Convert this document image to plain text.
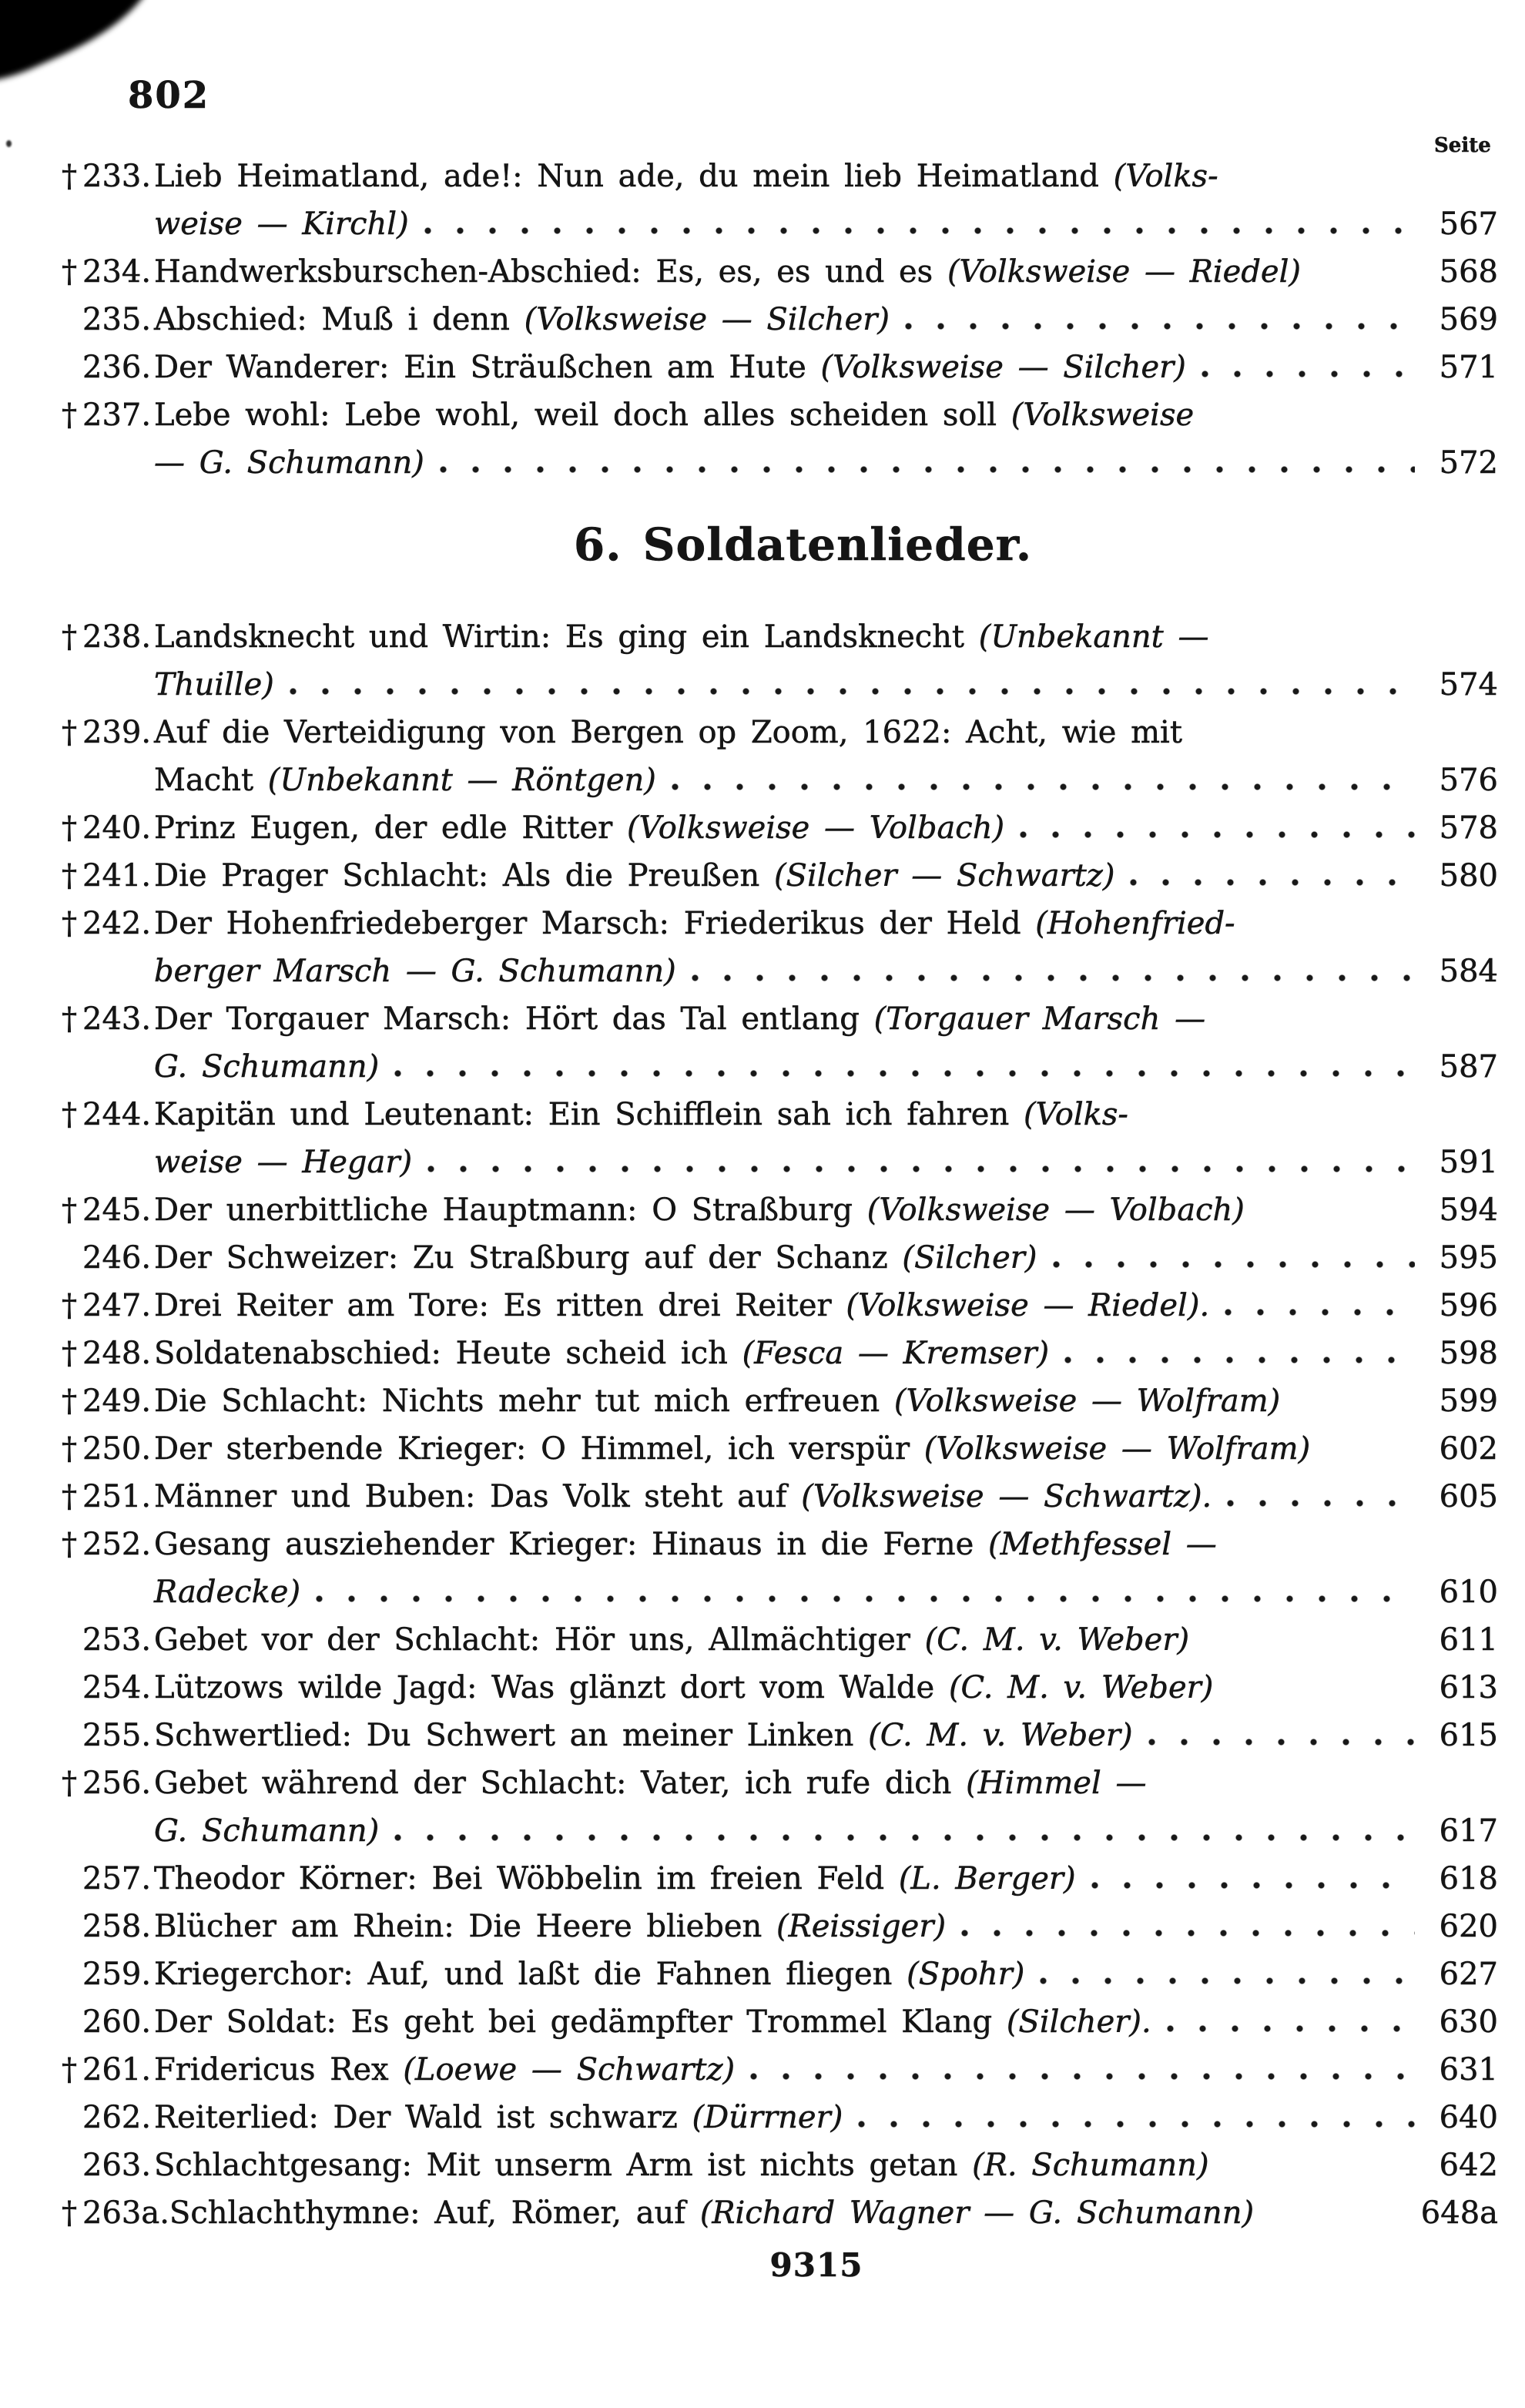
802
Seite
† 233. Lieb Heimatland, ade!: Nun ade, du mein lieb Heimatland (Volks-
weise — Kirchl)	567
† 234. Handwerksburschen-Abschied: Es, es, es und es (Volksweise — Riedel)	568
235. Abschied: Muß i denn (Volksweise — Silcher)	569
236. Der Wanderer: Ein Sträußchen am Hute (Volksweise — Silcher)	571
† 237. Lebe wohl: Lebe wohl, weil doch alles scheiden soll (Volksweise
— G. Schumann)	572
6. Soldatenlieder.
† 238. Landsknecht und Wirtin: Es ging ein Landsknecht (Unbekannt —
Thuille)	574
† 239. Auf die Verteidigung von Bergen op Zoom, 1622: Acht, wie mit
Macht (Unbekannt — Röntgen)	576
† 240. Prinz Eugen, der edle Ritter (Volksweise — Volbach)	578
† 241. Die Prager Schlacht: Als die Preußen (Silcher — Schwartz)	580
† 242. Der Hohenfriedeberger Marsch: Friederikus der Held (Hohenfried-
berger Marsch — G. Schumann)	584
† 243. Der Torgauer Marsch: Hört das Tal entlang (Torgauer Marsch —
G. Schumann)	587
† 244. Kapitän und Leutenant: Ein Schifflein sah ich fahren (Volks-
weise — Hegar)	591
† 245. Der unerbittliche Hauptmann: O Straßburg (Volksweise — Volbach)	594
246. Der Schweizer: Zu Straßburg auf der Schanz (Silcher)	595
† 247. Drei Reiter am Tore: Es ritten drei Reiter (Volksweise — Riedel).	596
† 248. Soldatenabschied: Heute scheid ich (Fesca — Kremser)	598
† 249. Die Schlacht: Nichts mehr tut mich erfreuen (Volksweise — Wolfram)	599
† 250. Der sterbende Krieger: O Himmel, ich verspür (Volksweise — Wolfram)	602
† 251. Männer und Buben: Das Volk steht auf (Volksweise — Schwartz).	605
† 252. Gesang ausziehender Krieger: Hinaus in die Ferne (Methfessel —
Radecke)	610
253. Gebet vor der Schlacht: Hör uns, Allmächtiger (C. M. v. Weber)	611
254. Lützows wilde Jagd: Was glänzt dort vom Walde (C. M. v. Weber)	613
255. Schwertlied: Du Schwert an meiner Linken (C. M. v. Weber)	615
† 256. Gebet während der Schlacht: Vater, ich rufe dich (Himmel —
G. Schumann)	617
257. Theodor Körner: Bei Wöbbelin im freien Feld (L. Berger)	618
258. Blücher am Rhein: Die Heere blieben (Reissiger)	620
259. Kriegerchor: Auf, und laßt die Fahnen fliegen (Spohr)	627
260. Der Soldat: Es geht bei gedämpfter Trommel Klang (Silcher).	630
† 261. Fridericus Rex (Loewe — Schwartz)	631
262. Reiterlied: Der Wald ist schwarz (Dürrner)	640
263. Schlachtgesang: Mit unserm Arm ist nichts getan (R. Schumann)	642
† 263a. Schlachthymne: Auf, Römer, auf (Richard Wagner — G. Schumann)	648a
9315
